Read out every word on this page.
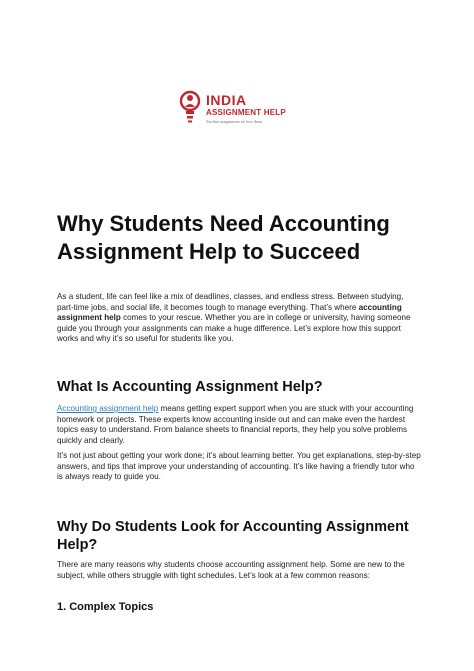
INDIA
ASSIGNMENT HELP
You hire assignments we love them.
Why Students Need Accounting Assignment Help to Succeed
As a student, life can feel like a mix of deadlines, classes, and endless stress. Between studying, part-time jobs, and social life, it becomes tough to manage everything. That’s where accounting assignment help comes to your rescue. Whether you are in college or university, having someone guide you through your assignments can make a huge difference. Let’s explore how this support works and why it’s so useful for students like you.
What Is Accounting Assignment Help?
Accounting assignment help means getting expert support when you are stuck with your accounting homework or projects. These experts know accounting inside out and can make even the hardest topics easy to understand. From balance sheets to financial reports, they help you solve problems quickly and clearly.
It’s not just about getting your work done; it’s about learning better. You get explanations, step-by-step answers, and tips that improve your understanding of accounting. It’s like having a friendly tutor who is always ready to guide you.
Why Do Students Look for Accounting Assignment Help?
There are many reasons why students choose accounting assignment help. Some are new to the subject, while others struggle with tight schedules. Let’s look at a few common reasons:
1. Complex Topics
